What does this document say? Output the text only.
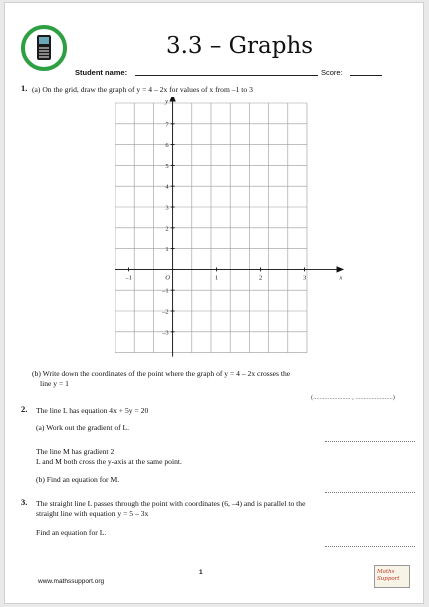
3.3 – Graphs
Student name:	Score:
1. (a) On the grid, draw the graph of y = 4 – 2x for values of x from –1 to 3
7
6
5
4
3
2
1
–1
–2
–3
–1	1	2	3
O	x
y
(b) Write down the coordinates of the point where the graph of y = 4 – 2x crosses the
line y = 1
(....................... , .......................)
2. The line L has equation 4x + 5y = 20
(a) Work out the gradient of L.
The line M has gradient 2
L and M both cross the y-axis at the same point.
(b) Find an equation for M.
3. The straight line L passes through the point with coordinates (6, –4) and is parallel to the
straight line with equation y = 5 – 3x
Find an equation for L.
www.mathssupport.org
1	Maths Support
